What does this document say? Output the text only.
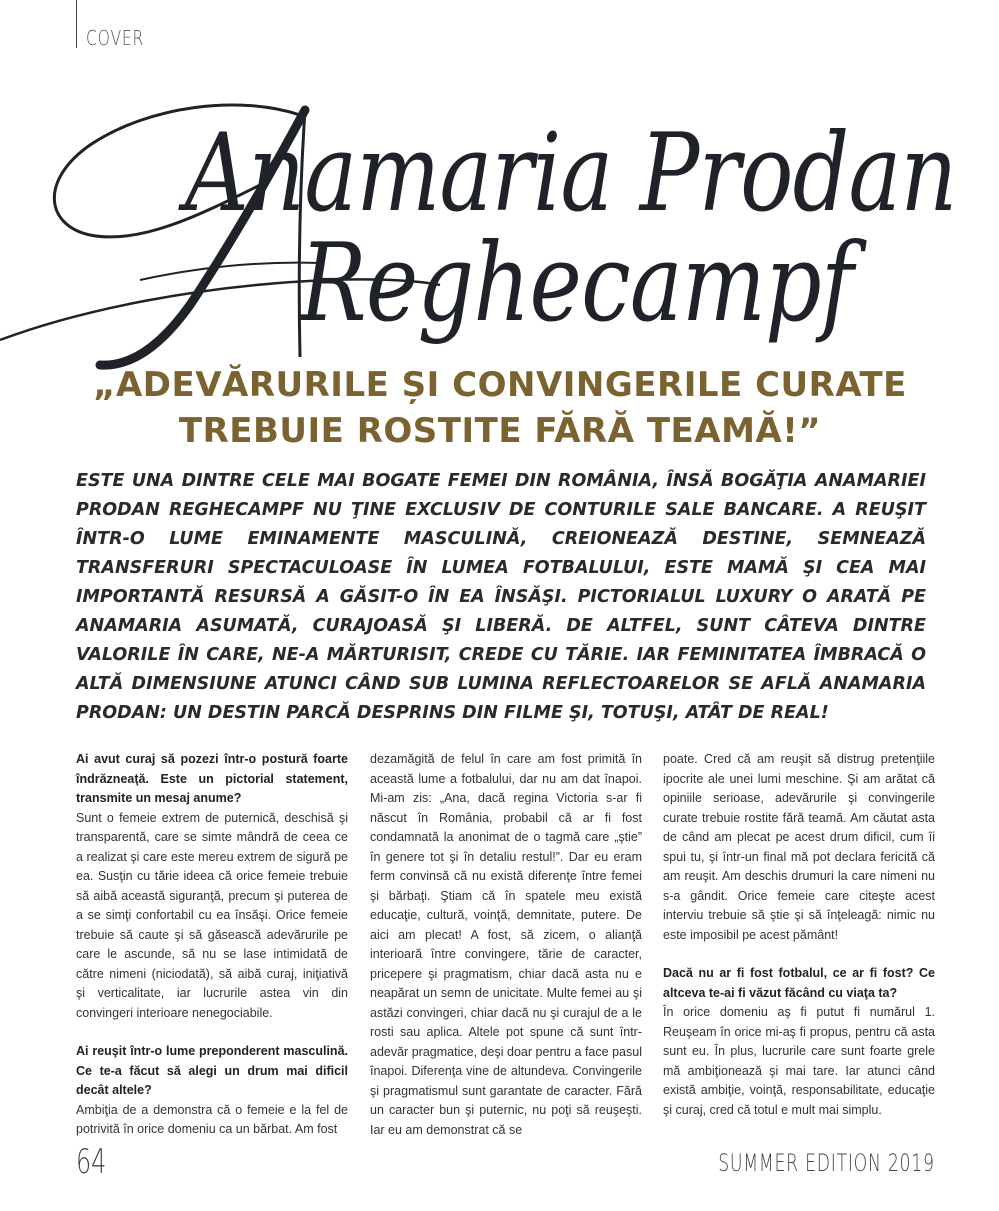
COVER
Anamaria Prodan
Reghecampf
„ADEVĂRURILE ȘI CONVINGERILE CURATE
TREBUIE ROSTITE FĂRĂ TEAMĂ!”
ESTE UNA DINTRE CELE MAI BOGATE FEMEI DIN ROMÂNIA, ÎNSĂ BOGĂŢIA ANAMARIEI PRODAN REGHECAMPF NU ŢINE EXCLUSIV DE CONTURILE SALE BANCARE. A REUŞIT ÎNTR-O LUME EMINAMENTE MASCULINĂ, CREIONEAZĂ DESTINE, SEMNEAZĂ TRANSFERURI SPECTACULOASE ÎN LUMEA FOTBALULUI, ESTE MAMĂ ŞI CEA MAI IMPORTANTĂ RESURSĂ A GĂSIT-O ÎN EA ÎNSĂŞI. PICTORIALUL LUXURY O ARATĂ PE ANAMARIA ASUMATĂ, CURAJOASĂ ŞI LIBERĂ. DE ALTFEL, SUNT CÂTEVA DINTRE VALORILE ÎN CARE, NE-A MĂRTURISIT, CREDE CU TĂRIE. IAR FEMINITATEA ÎMBRACĂ O ALTĂ DIMENSIUNE ATUNCI CÂND SUB LUMINA REFLECTOARELOR SE AFLĂ ANAMARIA PRODAN: UN DESTIN PARCĂ DESPRINS DIN FILME ŞI, TOTUŞI, ATÂT DE REAL!

Ai avut curaj să pozezi într-o postură foarte îndrăzneaţă. Este un pictorial statement, transmite un mesaj anume?

Sunt o femeie extrem de puternică, deschisă şi transparentă, care se simte mândră de ceea ce a realizat şi care este mereu extrem de sigură pe ea. Susţin cu tărie ideea că orice femeie trebuie să aibă această siguranţă, precum şi puterea de a se simţi confortabil cu ea însăşi. Orice femeie trebuie să caute şi să găsească adevărurile pe care le ascunde, să nu se lase intimidată de către nimeni (niciodată), să aibă curaj, iniţiativă şi verticalitate, iar lucrurile astea vin din convingeri interioare nenegociabile.

Ai reuşit într-o lume preponderent masculină. Ce te-a făcut să alegi un drum mai dificil decât altele?

Ambiţia de a demonstra că o femeie e la fel de potrivită în orice domeniu ca un bărbat. Am fost

dezamăgită de felul în care am fost primită în această lume a fotbalului, dar nu am dat înapoi. Mi-am zis: „Ana, dacă regina Victoria s-ar fi născut în România, probabil că ar fi fost condamnată la anonimat de o tagmă care „ştie” în genere tot şi în detaliu restul!”. Dar eu eram ferm convinsă că nu există diferenţe între femei şi bărbaţi. Ştiam că în spatele meu există educaţie, cultură, voinţă, demnitate, putere. De aici am plecat! A fost, să zicem, o alianţă interioară între convingere, tărie de caracter, pricepere şi pragmatism, chiar dacă asta nu e neapărat un semn de unicitate. Multe femei au şi astăzi convingeri, chiar dacă nu şi curajul de a le rosti sau aplica. Altele pot spune că sunt într-adevăr pragmatice, deşi doar pentru a face pasul înapoi. Diferenţa vine de altundeva. Convingerile şi pragmatismul sunt garantate de caracter. Fără un caracter bun şi puternic, nu poţi să reuşeşti. Iar eu am demonstrat că se

poate. Cred că am reuşit să distrug pretenţiile ipocrite ale unei lumi meschine. Şi am arătat că opiniile serioase, adevărurile şi convingerile curate trebuie rostite fără teamă. Am căutat asta de când am plecat pe acest drum dificil, cum îi spui tu, şi într-un final mă pot declara fericită că am reuşit. Am deschis drumuri la care nimeni nu s-a gândit. Orice femeie care citeşte acest interviu trebuie să ştie şi să înţeleagă: nimic nu este imposibil pe acest pământ!

Dacă nu ar fi fost fotbalul, ce ar fi fost? Ce altceva te-ai fi văzut făcând cu viaţa ta?

În orice domeniu aş fi putut fi numărul 1. Reuşeam în orice mi-aş fi propus, pentru că asta sunt eu. În plus, lucrurile care sunt foarte grele mă ambiţionează şi mai tare. Iar atunci când există ambiţie, voinţă, responsabilitate, educaţie şi curaj, cred că totul e mult mai simplu.

64	SUMMER EDITION 2019
